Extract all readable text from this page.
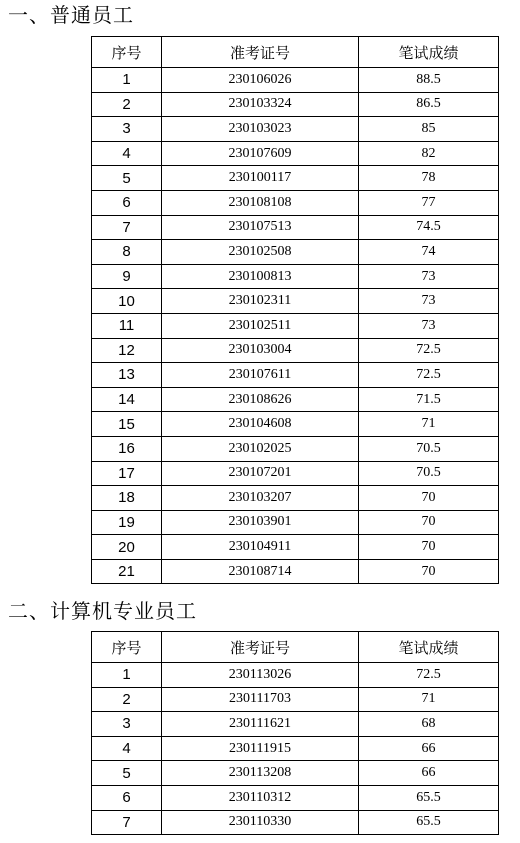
一、普通员工
序号	准考证号	笔试成绩
1	230106026	88.5
2	230103324	86.5
3	230103023	85
4	230107609	82
5	230100117	78
6	230108108	77
7	230107513	74.5
8	230102508	74
9	230100813	73
10	230102311	73
11	230102511	73
12	230103004	72.5
13	230107611	72.5
14	230108626	71.5
15	230104608	71
16	230102025	70.5
17	230107201	70.5
18	230103207	70
19	230103901	70
20	230104911	70
21	230108714	70
二、计算机专业员工
序号	准考证号	笔试成绩
1	230113026	72.5
2	230111703	71
3	230111621	68
4	230111915	66
5	230113208	66
6	230110312	65.5
7	230110330	65.5
